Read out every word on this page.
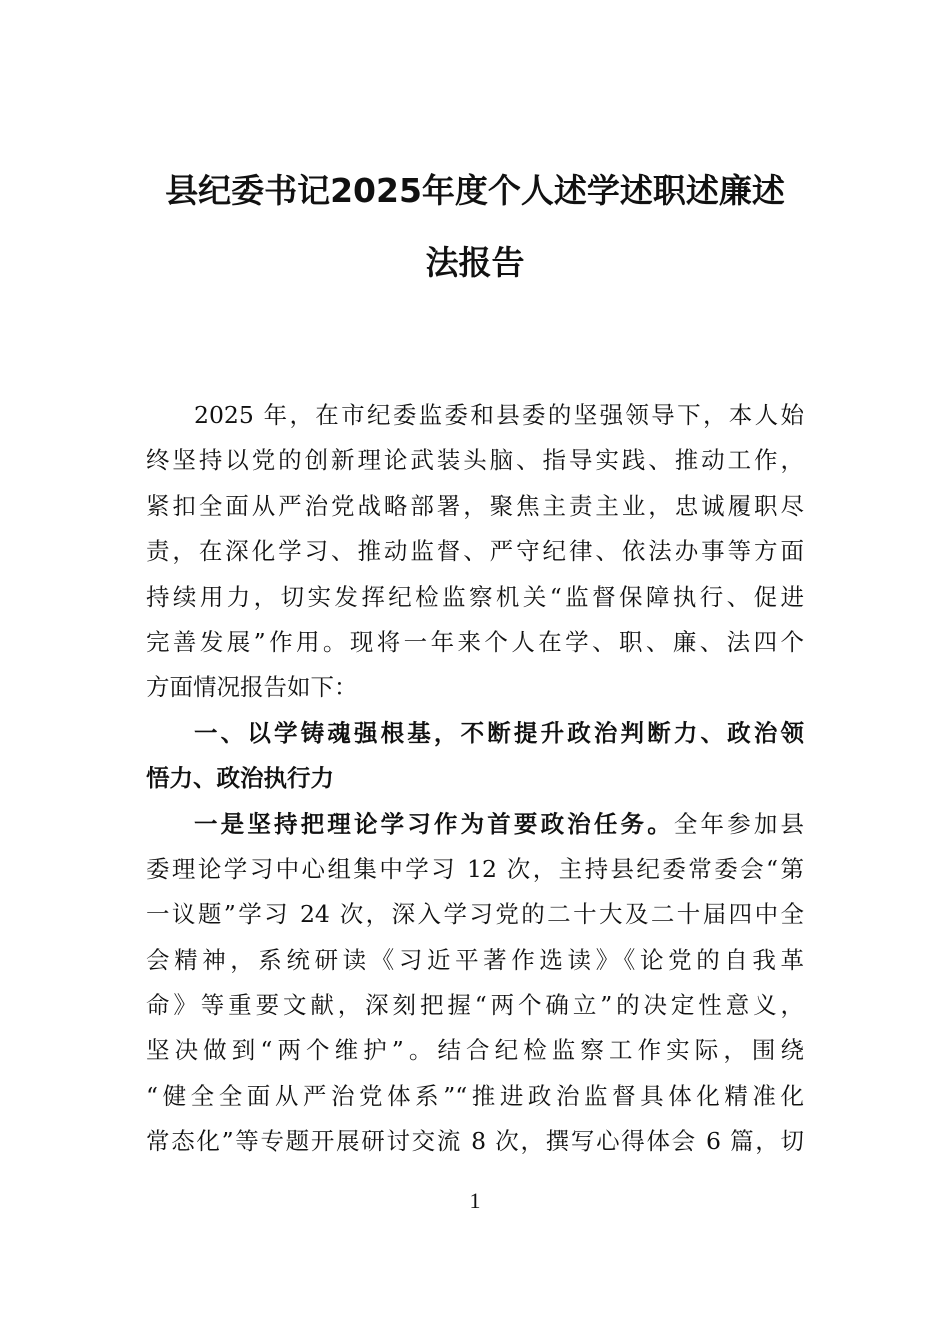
县纪委书记2025年度个人述学述职述廉述
法报告
2025 年，在市纪委监委和县委的坚强领导下，本人始
终坚持以党的创新理论武装头脑、指导实践、推动工作，
紧扣全面从严治党战略部署，聚焦主责主业，忠诚履职尽
责，在深化学习、推动监督、严守纪律、依法办事等方面
持续用力，切实发挥纪检监察机关“监督保障执行、促进
完善发展”作用。现将一年来个人在学、职、廉、法四个
方面情况报告如下：
一、以学铸魂强根基，不断提升政治判断力、政治领
悟力、政治执行力
一是坚持把理论学习作为首要政治任务。全年参加县
委理论学习中心组集中学习 12 次，主持县纪委常委会“第
一议题”学习 24 次，深入学习党的二十大及二十届四中全
会精神，系统研读《习近平著作选读》《论党的自我革
命》等重要文献，深刻把握“两个确立”的决定性意义，
坚决做到“两个维护”。结合纪检监察工作实际，围绕
“健全全面从严治党体系”“推进政治监督具体化精准化
常态化”等专题开展研讨交流 8 次，撰写心得体会 6 篇，切
1
